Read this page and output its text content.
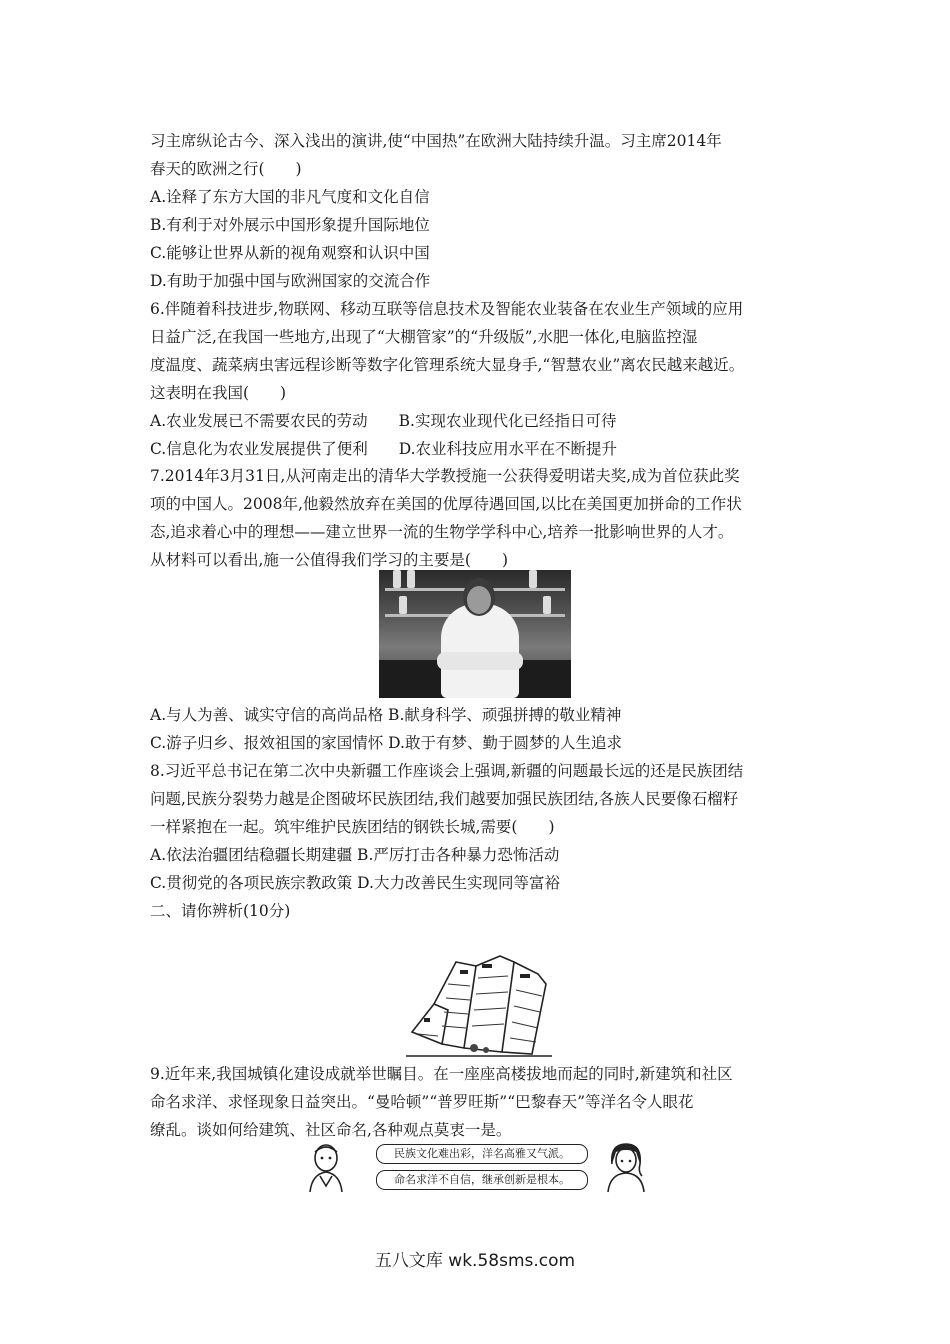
习主席纵论古今、深入浅出的演讲,使“中国热”在欧洲大陆持续升温。习主席2014年
春天的欧洲之行(　　)
A.诠释了东方大国的非凡气度和文化自信
B.有利于对外展示中国形象提升国际地位
C.能够让世界从新的视角观察和认识中国
D.有助于加强中国与欧洲国家的交流合作
6.伴随着科技进步,物联网、移动互联等信息技术及智能农业装备在农业生产领域的应用
日益广泛,在我国一些地方,出现了“大棚管家”的“升级版”,水肥一体化,电脑监控湿
度温度、蔬菜病虫害远程诊断等数字化管理系统大显身手,“智慧农业”离农民越来越近。
这表明在我国(　　)
A.农业发展已不需要农民的劳动　　B.实现农业现代化已经指日可待
C.信息化为农业发展提供了便利　　D.农业科技应用水平在不断提升
7.2014年3月31日,从河南走出的清华大学教授施一公获得爱明诺夫奖,成为首位获此奖
项的中国人。2008年,他毅然放弃在美国的优厚待遇回国,以比在美国更加拼命的工作状
态,追求着心中的理想——建立世界一流的生物学学科中心,培养一批影响世界的人才。
从材料可以看出,施一公值得我们学习的主要是(　　)
A.与人为善、诚实守信的高尚品格 B.献身科学、顽强拼搏的敬业精神
C.游子归乡、报效祖国的家国情怀 D.敢于有梦、勤于圆梦的人生追求
8.习近平总书记在第二次中央新疆工作座谈会上强调,新疆的问题最长远的还是民族团结
问题,民族分裂势力越是企图破坏民族团结,我们越要加强民族团结,各族人民要像石榴籽
一样紧抱在一起。筑牢维护民族团结的钢铁长城,需要(　　)
A.依法治疆团结稳疆长期建疆 B.严厉打击各种暴力恐怖活动
C.贯彻党的各项民族宗教政策 D.大力改善民生实现同等富裕
二、请你辨析(10分)
9.近年来,我国城镇化建设成就举世瞩目。在一座座高楼拔地而起的同时,新建筑和社区
命名求洋、求怪现象日益突出。“曼哈顿”“普罗旺斯”“巴黎春天”等洋名令人眼花
缭乱。谈如何给建筑、社区命名,各种观点莫衷一是。
民族文化难出彩，洋名高雅又气派。
命名求洋不自信，继承创新是根本。
五八文库 wk.58sms.com
